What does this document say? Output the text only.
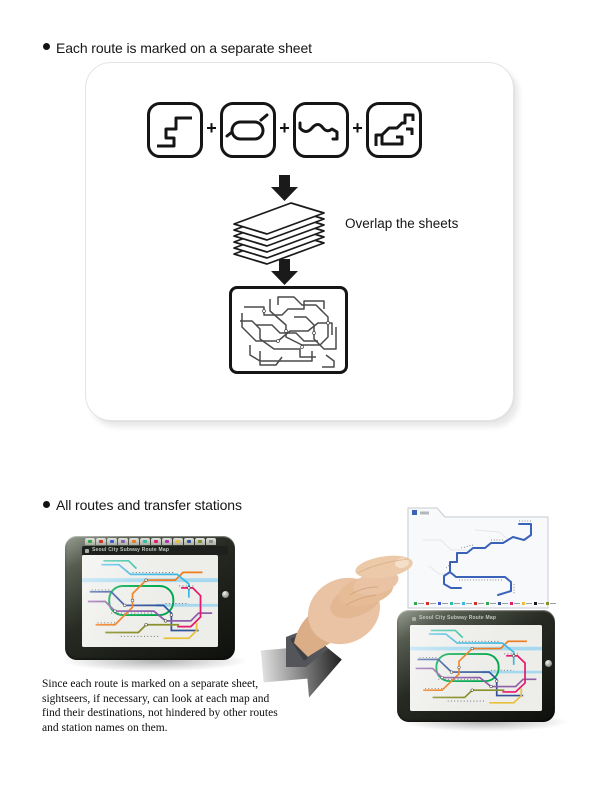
Each route is marked on a separate sheet
+	+	+
Overlap the sheets
All routes and transfer stations
Seoul City Subway Route Map
Since each route is marked on a separate sheet,
sightseers, if necessary, can look at each map and
find their destinations, not hindered by other routes
and station names on them.
Seoul City Subway Route Map
